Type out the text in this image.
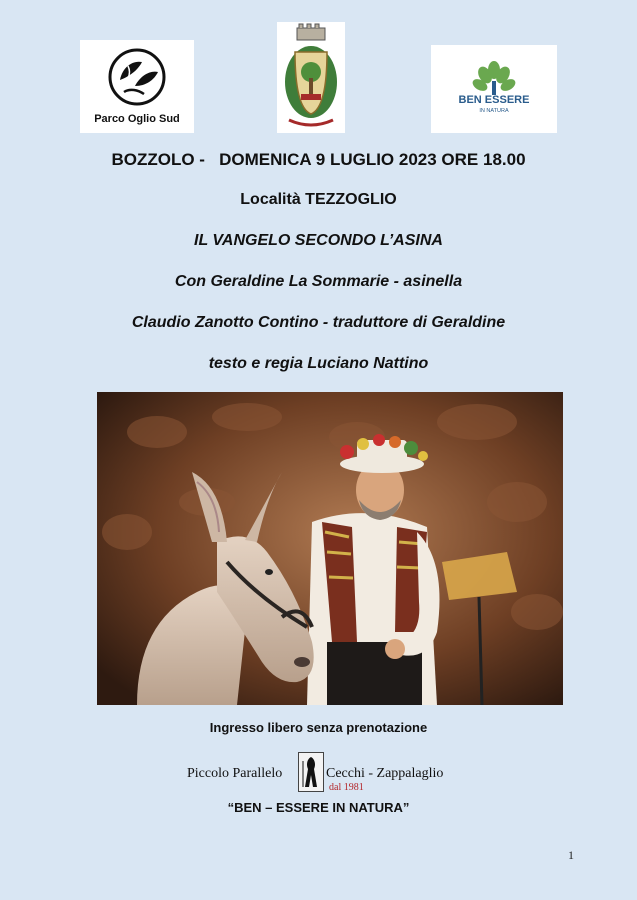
Parco Oglio Sud
BEN ESSERE
IN NATURA
BOZZOLO -   DOMENICA 9 LUGLIO 2023 ORE 18.00
Località TEZZOGLIO
IL VANGELO SECONDO L’ASINA
Con Geraldine La Sommarie - asinella
Claudio Zanotto Contino - traduttore di Geraldine
testo e regia Luciano Nattino
Ingresso libero senza prenotazione
Piccolo Parallelo	Cecchi - Zappalaglio
dal 1981
“BEN – ESSERE IN NATURA”
1
